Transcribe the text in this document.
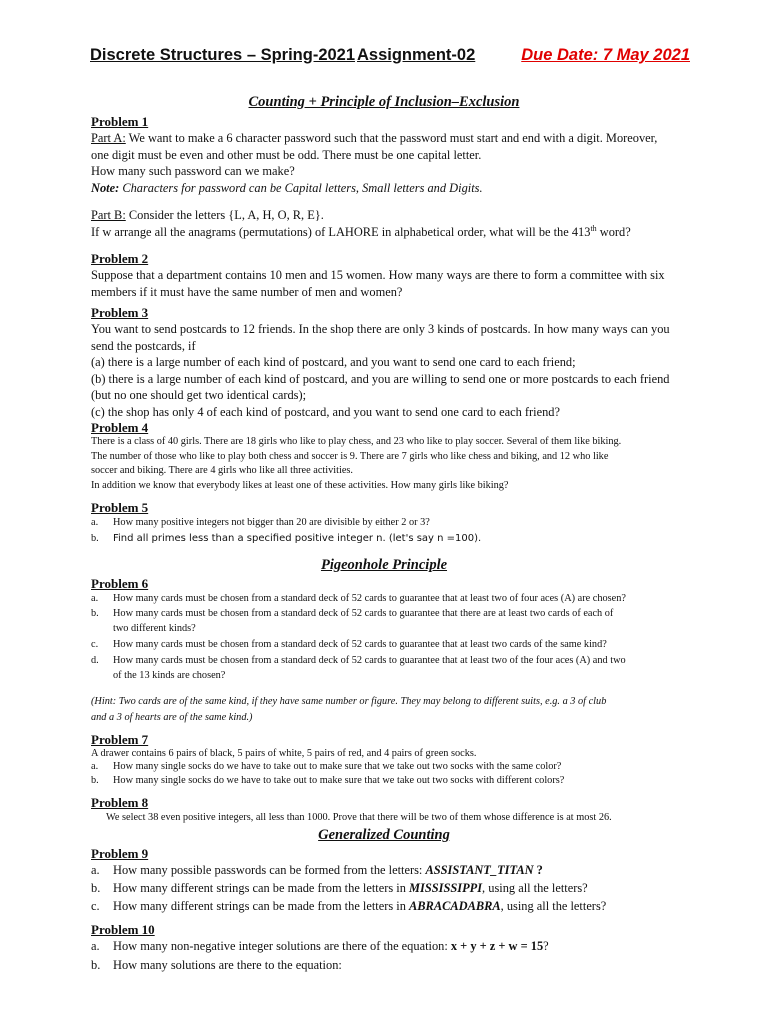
Discrete Structures – Spring-2021 Assignment-02	Due Date: 7 May 2021
Counting + Principle of Inclusion–Exclusion
Problem 1
Part A: We want to make a 6 character password such that the password must start and end with a digit. Moreover,
one digit must be even and other must be odd. There must be one capital letter.
How many such password can we make?
Note: Characters for password can be Capital letters, Small letters and Digits.
Part B: Consider the letters {L, A, H, O, R, E}.
If w arrange all the anagrams (permutations) of LAHORE in alphabetical order, what will be the 413th word?
Problem 2
Suppose that a department contains 10 men and 15 women. How many ways are there to form a committee with six
members if it must have the same number of men and women?
Problem 3
You want to send postcards to 12 friends. In the shop there are only 3 kinds of postcards. In how many ways can you
send the postcards, if
(a) there is a large number of each kind of postcard, and you want to send one card to each friend;
(b) there is a large number of each kind of postcard, and you are willing to send one or more postcards to each friend
(but no one should get two identical cards);
(c) the shop has only 4 of each kind of postcard, and you want to send one card to each friend?
Problem 4
There is a class of 40 girls. There are 18 girls who like to play chess, and 23 who like to play soccer. Several of them like biking.
The number of those who like to play both chess and soccer is 9. There are 7 girls who like chess and biking, and 12 who like
soccer and biking. There are 4 girls who like all three activities.
In addition we know that everybody likes at least one of these activities. How many girls like biking?
Problem 5
a. How many positive integers not bigger than 20 are divisible by either 2 or 3?
b. Find all primes less than a specified positive integer n. (let's say n =100).
Pigeonhole Principle
Problem 6
a. How many cards must be chosen from a standard deck of 52 cards to guarantee that at least two of four aces (A) are chosen?
b. How many cards must be chosen from a standard deck of 52 cards to guarantee that there are at least two cards of each of
two different kinds?
c. How many cards must be chosen from a standard deck of 52 cards to guarantee that at least two cards of the same kind?
d. How many cards must be chosen from a standard deck of 52 cards to guarantee that at least two of the four aces (A) and two
of the 13 kinds are chosen?
(Hint: Two cards are of the same kind, if they have same number or figure. They may belong to different suits, e.g. a 3 of club
and a 3 of hearts are of the same kind.)
Problem 7
A drawer contains 6 pairs of black, 5 pairs of white, 5 pairs of red, and 4 pairs of green socks.
a. How many single socks do we have to take out to make sure that we take out two socks with the same color?
b. How many single socks do we have to take out to make sure that we take out two socks with different colors?
Problem 8
We select 38 even positive integers, all less than 1000. Prove that there will be two of them whose difference is at most 26.
Generalized Counting
Problem 9
a. How many possible passwords can be formed from the letters: ASSISTANT_TITAN ?
b. How many different strings can be made from the letters in MISSISSIPPI, using all the letters?
c. How many different strings can be made from the letters in ABRACADABRA, using all the letters?
Problem 10
a. How many non-negative integer solutions are there of the equation: x + y + z + w = 15?
b. How many solutions are there to the equation:
